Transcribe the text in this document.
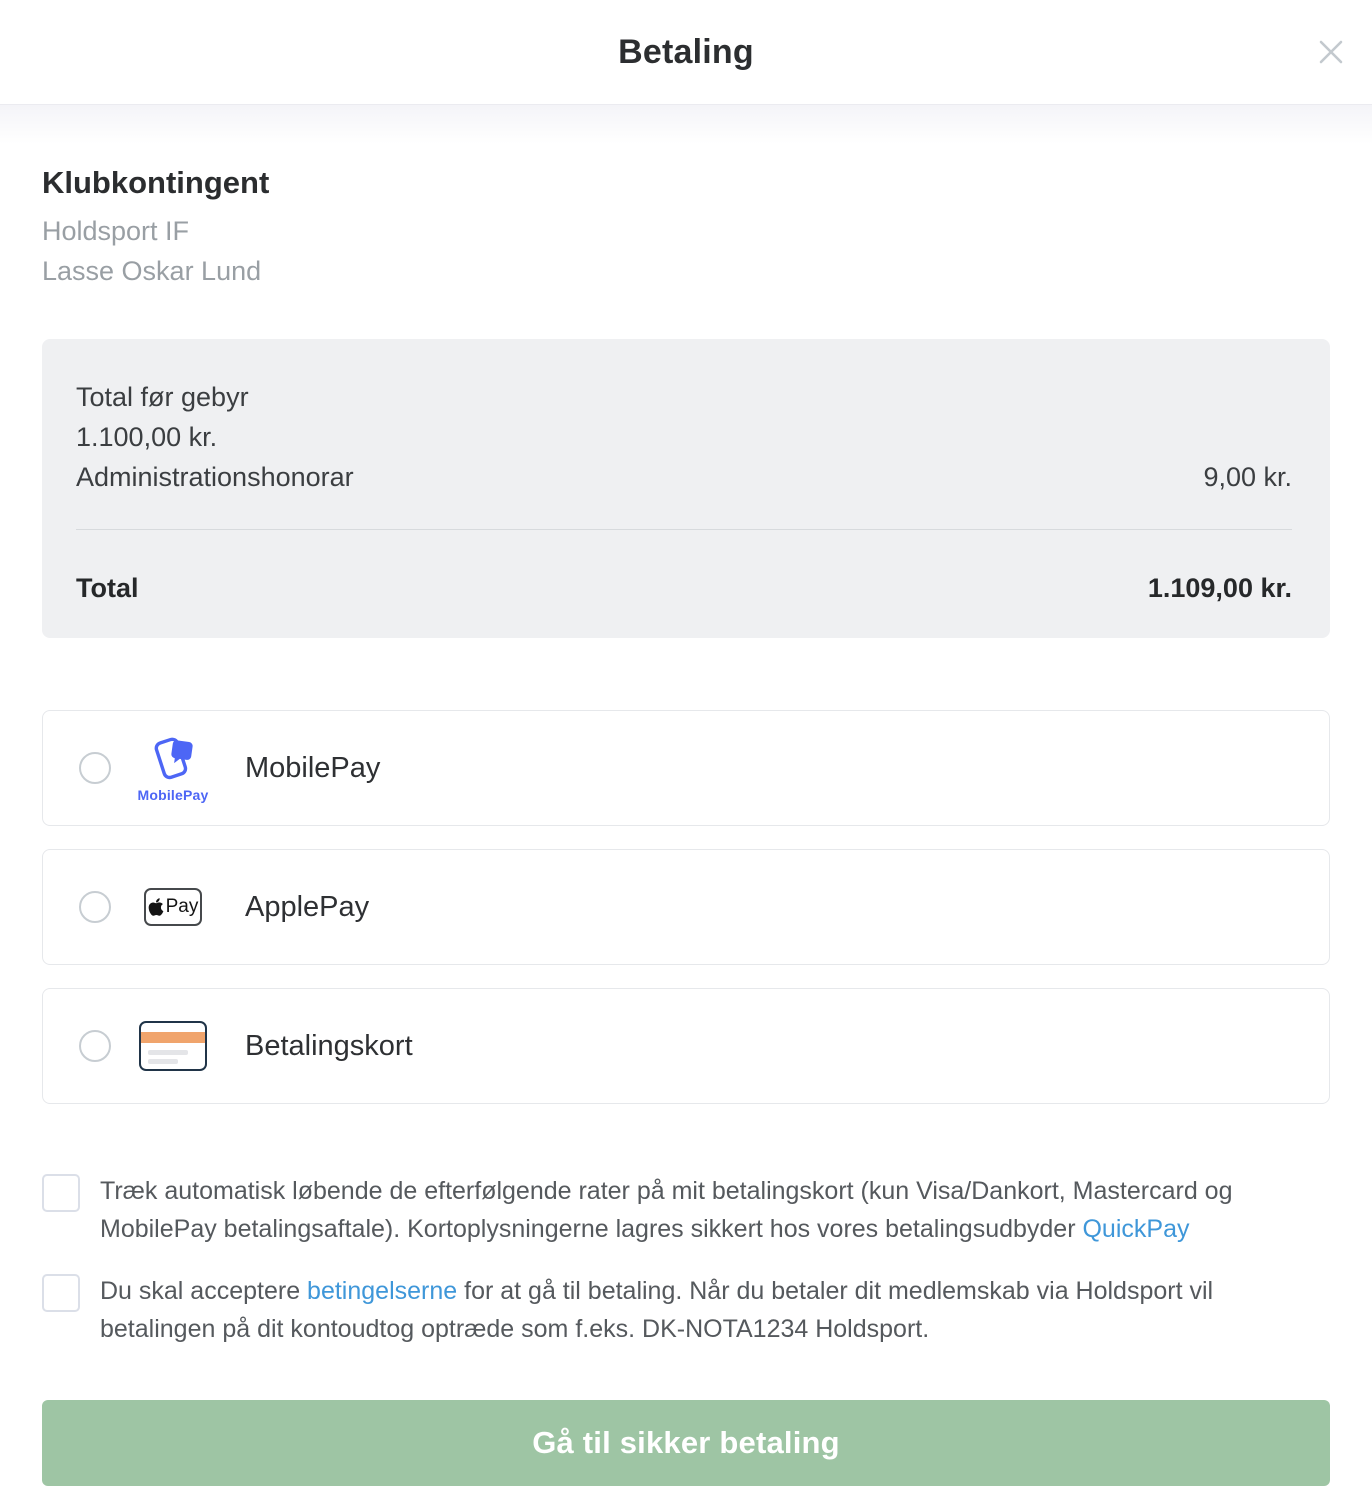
Betaling
Klubkontingent
Holdsport IF
Lasse Oskar Lund
Total før gebyr
1.100,00 kr.
Administrationshonorar	9,00 kr.
Total	1.109,00 kr.
MobilePay
MobilePay
Pay ApplePay
Betalingskort

Træk automatisk løbende de efterfølgende rater på mit betalingskort (kun Visa/Dankort, Mastercard og MobilePay betalingsaftale). Kortoplysningerne lagres sikkert hos vores betalingsudbyder QuickPay

Du skal acceptere betingelserne for at gå til betaling. Når du betaler dit medlemskab via Holdsport vil betalingen på dit kontoudtog optræde som f.eks. DK-NOTA1234 Holdsport.

Gå til sikker betaling
